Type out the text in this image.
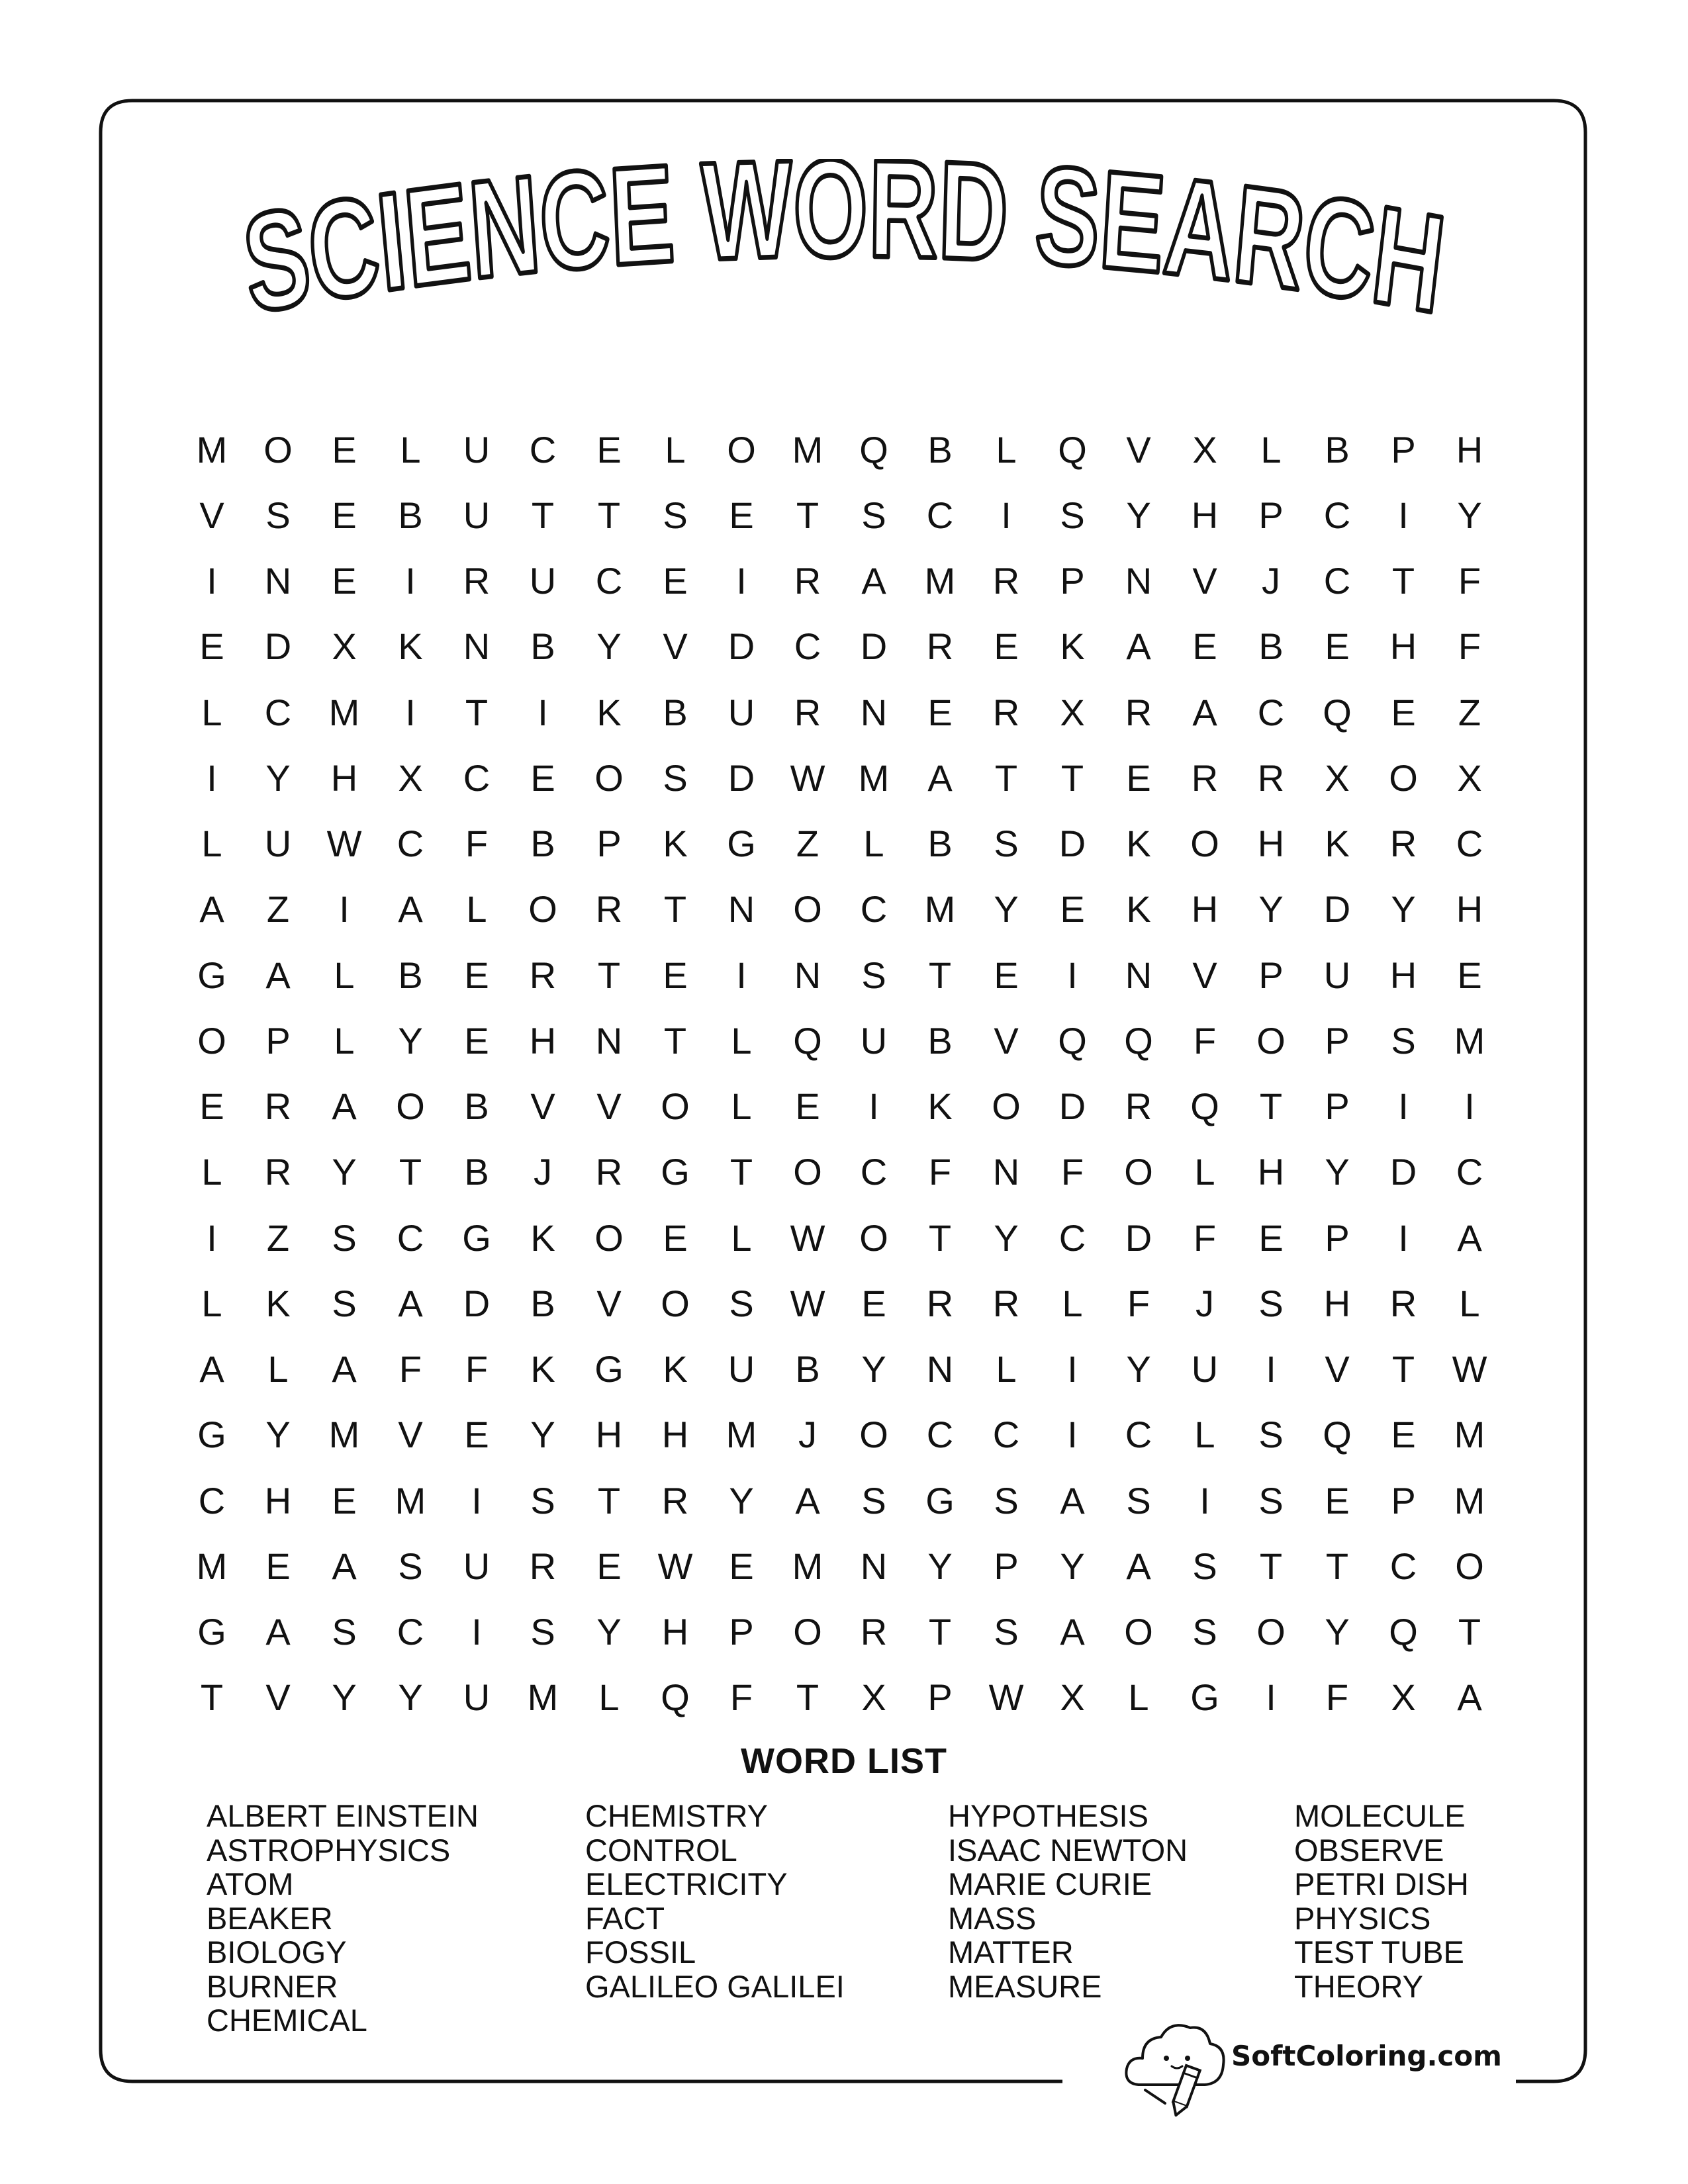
SCIENCE WORD SEARCH
M O	E	L	U	C	E	L	O M Q	B	L	Q	V	X	L	B	P	H
V	S	E	B	U	T	T	S	E	T	S	C	I	S	Y	H	P	C	I	Y
I	N	E	I	R	U	C	E	I	R	A	M	R	P	N	V	J	C	T	F
E	D	X	K	N	B	Y	V	D	C	D	R	E	K	A	E	B	E	H	F
L	C	M	I	T	I	K	B	U	R	N	E	R	X	R	A	C	Q	E	Z
I	Y	H	X	C	E	O	S	D W M	A	T	T	E	R	R	X	O	X
L	U W C	F	B	P	K	G	Z	L	B	S	D	K	O	H	K	R	C
A	Z	I	A	L	O	R	T	N	O	C	M	Y	E	K	H	Y	D	Y	H
G	A	L	B	E	R	T	E	I	N	S	T	E	I	N	V	P	U	H	E
O	P	L	Y	E	H	N	T	L	Q	U	B	V	Q	Q	F	O	P	S	M
E	R	A	O	B	V	V	O	L	E	I	K	O	D	R	Q	T	P	I	I
L	R	Y	T	B	J	R	G	T	O	C	F	N	F	O	L	H	Y	D	C
I	Z	S	C	G	K	O	E	L	W O	T	Y	C	D	F	E	P	I	A
L	K	S	A	D	B	V	O	S W E	R	R	L	F	J	S	H	R	L
A	L	A	F	F	K	G	K	U	B	Y	N	L	I	Y	U	I	V	T	W
G	Y	M	V	E	Y	H	H	M	J	O	C	C	I	C	L	S	Q	E	M
C	H	E	M	I	S	T	R	Y	A	S	G	S	A	S	I	S	E	P	M
M	E	A	S	U	R	E W E	M	N	Y	P	Y	A	S	T	T	C	O
G	A	S	C	I	S	Y	H	P	O	R	T	S	A	O	S	O	Y	Q	T
T	V	Y	Y	U	M	L	Q	F	T	X	P W X	L	G	I	F	X	A
WORD LIST
ALBERT EINSTEIN
ASTROPHYSICS
ATOM
BEAKER
BIOLOGY
BURNER
CHEMICAL
CHEMISTRY
CONTROL
ELECTRICITY
FACT
FOSSIL
GALILEO GALILEI
HYPOTHESIS
ISAAC NEWTON
MARIE CURIE
MASS
MATTER
MEASURE
MOLECULE
OBSERVE
PETRI DISH
PHYSICS
TEST TUBE
THEORY
SoftColoring.com
